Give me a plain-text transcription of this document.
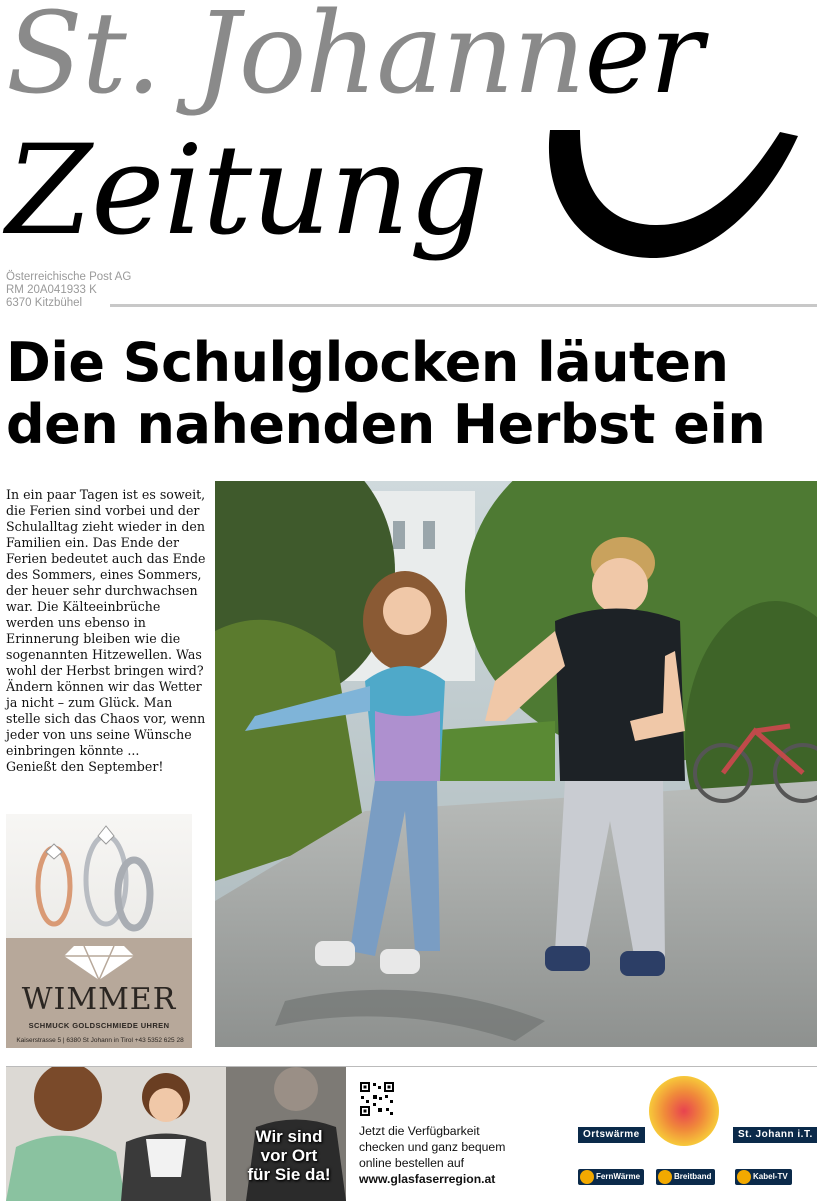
St. Johanner
Zeitung
Österreichische Post AG
RM 20A041933 K
6370 Kitzbühel
Die Schulglocken läuten
den nahenden Herbst ein
In ein paar Tagen ist es soweit, die Ferien sind vorbei und der Schulalltag zieht wieder in den Familien ein. Das Ende der Ferien bedeutet auch das Ende des Sommers, eines Sommers, der heuer sehr durchwachsen war. Die Kälteeinbrüche werden uns ebenso in Erinnerung bleiben wie die sogenannten Hitzewellen. Was wohl der Herbst bringen wird? Ändern können wir das Wetter ja nicht – zum Glück. Man stelle sich das Chaos vor, wenn jeder von uns seine Wünsche einbringen könnte ...
Genießt den September!
WIMMER
SCHMUCK GOLDSCHMIEDE UHREN
Kaiserstrasse 5 | 6380 St Johann in Tirol +43 5352 625 28
Wir sind
vor Ort
für Sie da!
Jetzt die Verfügbarkeit
checken und ganz bequem
online bestellen auf
www.glasfaserregion.at
Ortswärme	St. Johann i.T.
FernWärme	Breitband	Kabel-TV
